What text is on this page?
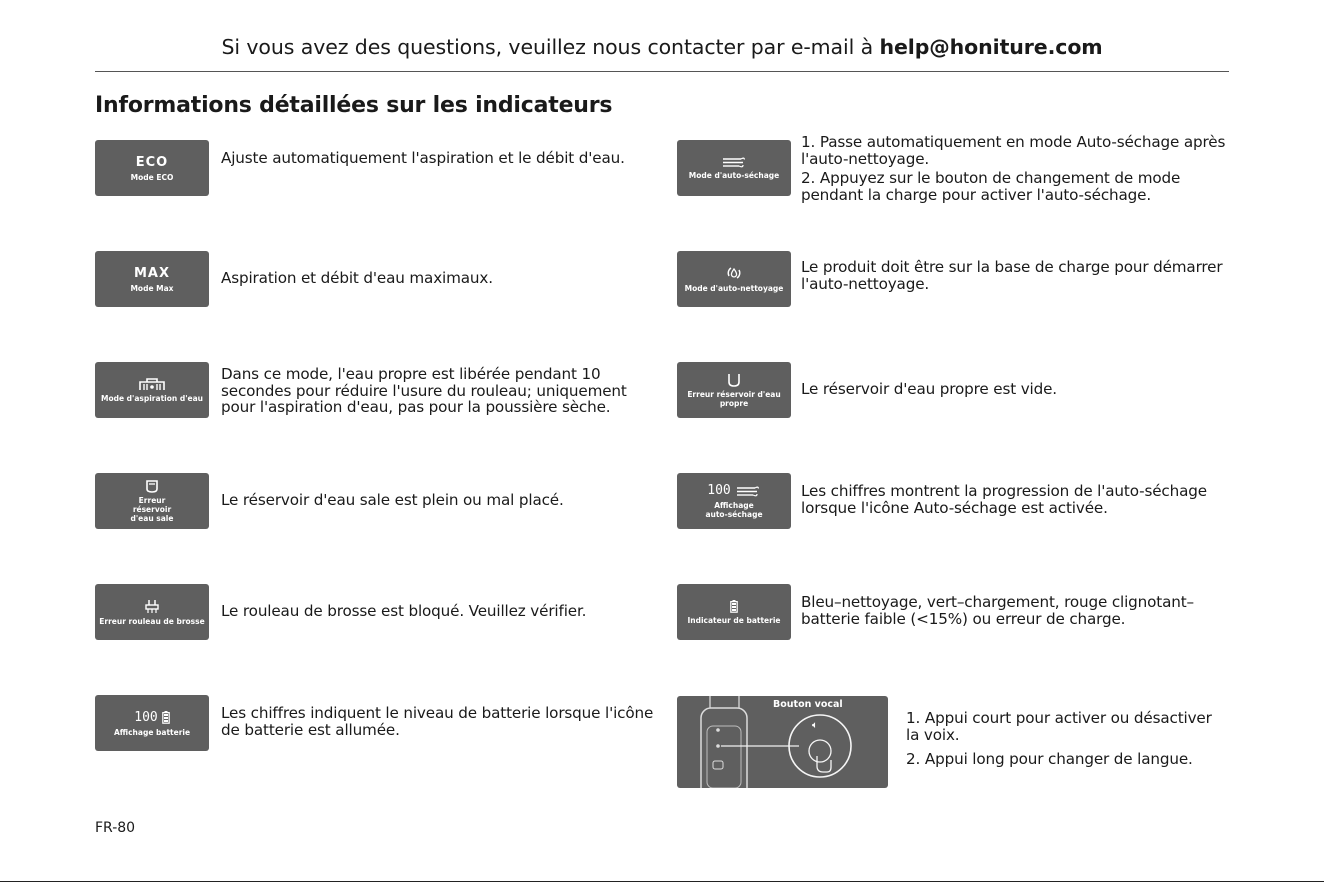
Si vous avez des questions, veuillez nous contacter par e-mail à help@honiture.com
Informations détaillées sur les indicateurs
ECO
Mode ECO
Ajuste automatiquement l'aspiration et le débit d'eau.
MAX
Mode Max
Aspiration et débit d'eau maximaux.
Mode d'aspiration d'eau
Dans ce mode, l'eau propre est libérée pendant 10 secondes pour réduire l'usure du rouleau; uniquement pour l'aspiration d'eau, pas pour la poussière sèche.
Erreur réservoir d'eau sale
Le réservoir d'eau sale est plein ou mal placé.
Erreur rouleau de brosse
Le rouleau de brosse est bloqué. Veuillez vérifier.
100
Affichage batterie
Les chiffres indiquent le niveau de batterie lorsque l'icône de batterie est allumée.
Mode d'auto-séchage

1. Passe automatiquement en mode Auto-séchage après l'auto-nettoyage.

2. Appuyez sur le bouton de changement de mode pendant la charge pour activer l'auto-séchage.

Mode d'auto-nettoyage

Le produit doit être sur la base de charge pour démarrer l'auto-nettoyage.

Erreur réservoir d'eau propre

Le réservoir d'eau propre est vide.

100
Affichage auto-séchage

Les chiffres montrent la progression de l'auto-séchage lorsque l'icône Auto-séchage est activée.

Indicateur de batterie

Bleu–nettoyage, vert–chargement, rouge clignotant–batterie faible (<15%) ou erreur de charge.

Bouton vocal
🔈︎	1. Appui court pour activer ou désactiver la voix.

2. Appui long pour changer de langue.

FR-80
